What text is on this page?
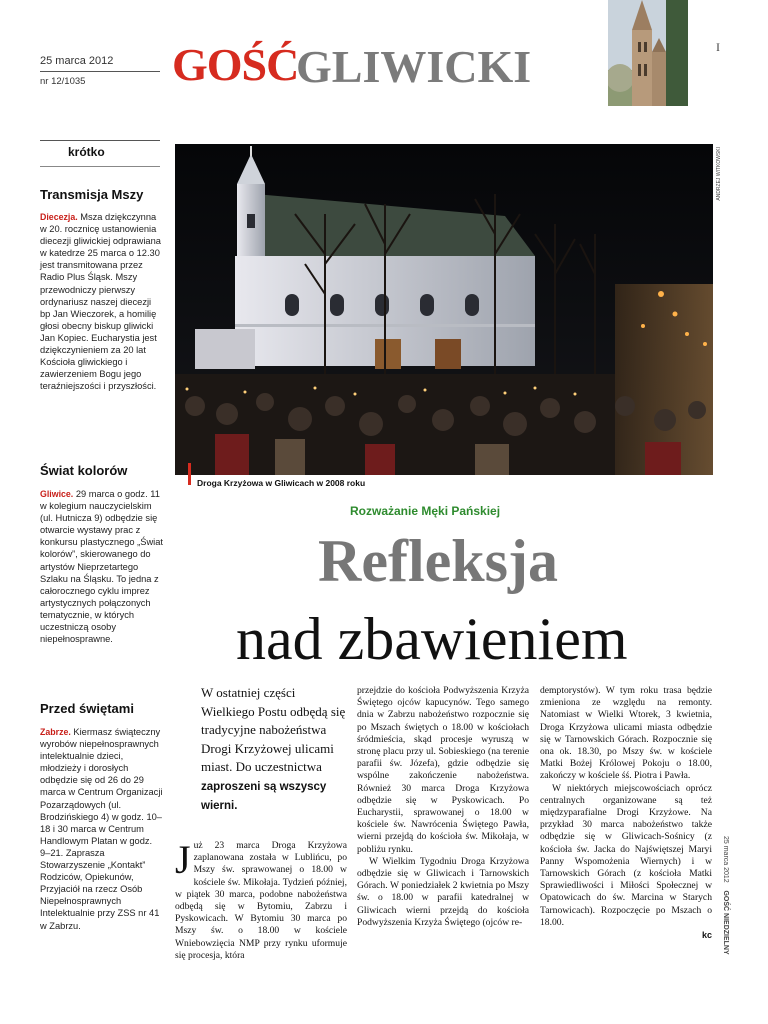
25 marca 2012
nr 12/1035 GOŚĆ
GLIWICKI	I
krótko
Transmisja Mszy
Diecezja. Msza dziękczynna w 20. rocznicę ustanowienia diecezji gliwickiej odprawiana w katedrze 25 marca o 12.30 jest transmitowana przez Radio Plus Śląsk. Mszy przewodniczy pierwszy ordynariusz naszej diecezji bp Jan Wieczorek, a homilię głosi obecny biskup gliwicki Jan Kopiec. Eucharystia jest dziękczynieniem za 20 lat Kościoła gliwickiego i zawierzeniem Bogu jego teraźniejszości i przyszłości.
Świat kolorów
Gliwice. 29 marca o godz. 11 w kolegium nauczycielskim (ul. Hutnicza 9) odbędzie się otwarcie wystawy prac z konkursu plastycznego „Świat kolorów”, skierowanego do artystów Nieprzetartego Szlaku na Śląsku. To jedna z całorocznego cyklu imprez artystycznych połączonych tematycznie, w których uczestniczą osoby niepełnosprawne.
Przed świętami
Zabrze. Kiermasz świąteczny wyrobów niepełnosprawnych intelektualnie dzieci, młodzieży i dorosłych odbędzie się od 26 do 29 marca w Centrum Organizacji Pozarządowych (ul. Brodzińskiego 4) w godz. 10–18 i 30 marca w Centrum Handlowym Platan w godz. 9–21. Zaprasza Stowarzyszenie „Kontakt” Rodziców, Opiekunów, Przyjaciół na rzecz Osób Niepełnosprawnych Intelektualnie przy ZSS nr 41 w Zabrzu.
ANDRZEJ WITKOWSKI
Droga Krzyżowa w Gliwicach w 2008 roku
Rozważanie Męki Pańskiej
Refleksja
nad zbawieniem
W ostatniej części Wielkiego Postu odbędą się tradycyjne nabożeństwa Drogi Krzyżowej ulicami miast. Do uczestnictwa zaproszeni są wszyscy wierni.
Już 23 marca Droga Krzyżowa zaplanowana została w Lublińcu, po Mszy św. sprawowanej o 18.00 w kościele św. Mikołaja. Tydzień później, w piątek 30 marca, podobne nabożeństwa odbędą się w Bytomiu, Zabrzu i Pyskowicach. W Bytomiu 30 marca po Mszy św. o 18.00 w kościele Wniebowzięcia NMP przy rynku uformuje się procesja, która
przejdzie do kościoła Podwyższenia Krzyża Świętego ojców kapucynów. Tego samego dnia w Zabrzu nabożeństwo rozpocznie się po Mszach świętych o 18.00 w kościołach śródmieścia, skąd procesje wyruszą w stronę placu przy ul. Sobieskiego (na terenie parafii św. Józefa), gdzie odbędzie się wspólne zakończenie nabożeństwa. Również 30 marca Droga Krzyżowa odbędzie się w Pyskowicach. Po Eucharystii, sprawowanej o 18.00 w kościele św. Nawrócenia Świętego Pawła, wierni przejdą do kościoła św. Mikołaja, w pobliżu rynku.
W Wielkim Tygodniu Droga Krzyżowa odbędzie się w Gliwicach i Tarnowskich Górach. W poniedziałek 2 kwietnia po Mszy św. o 18.00 w parafii katedralnej w Gliwicach wierni przejdą do kościoła Podwyższenia Krzyża Świętego (ojców re-
demptorystów). W tym roku trasa będzie zmieniona ze względu na remonty. Natomiast w Wielki Wtorek, 3 kwietnia, Droga Krzyżowa ulicami miasta odbędzie się w Tarnowskich Górach. Rozpocznie się ona ok. 18.30, po Mszy św. w kościele Matki Bożej Królowej Pokoju o 18.00, zakończy w kościele śś. Piotra i Pawła.
W niektórych miejscowościach oprócz centralnych organizowane są też międzyparafialne Drogi Krzyżowe. Na przykład 30 marca nabożeństwo także odbędzie się w Gliwicach-Sośnicy (z kościoła św. Jacka do Najświętszej Maryi Panny Wspomożenia Wiernych) i w Tarnowskich Górach (z kościoła Matki Sprawiedliwości i Miłości Społecznej w Opatowicach do św. Marcina w Starych Tarnowicach). Rozpoczęcie po Mszach o 18.00.
kc
25 marca 2012    GOŚĆ NIEDZIELNY
